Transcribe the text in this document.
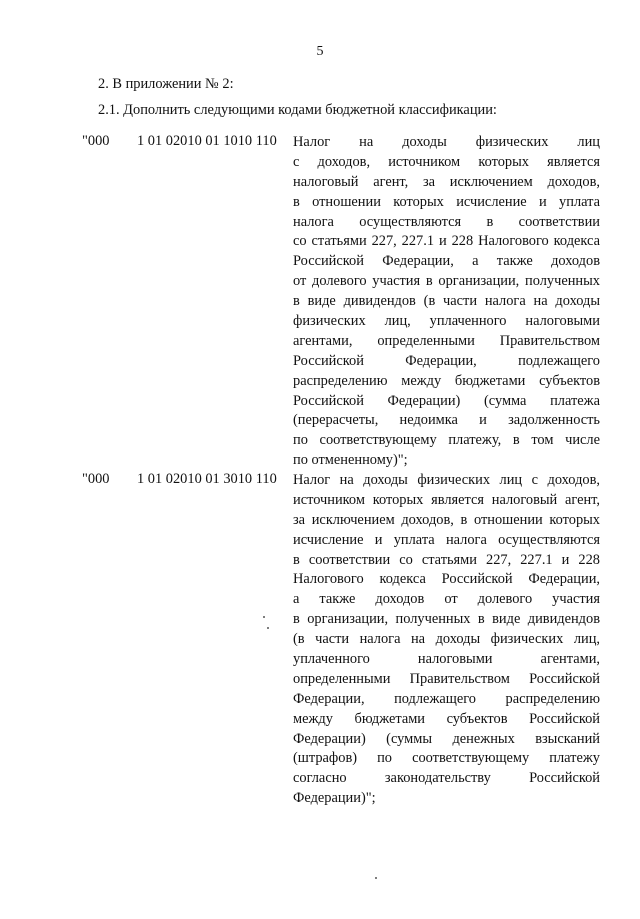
5
2. В приложении № 2:
2.1. Дополнить следующими кодами бюджетной классификации:
"000 1 01 02010 01 1010 110 Налог на доходы физических лиц
с доходов, источником которых является
налоговый агент, за исключением доходов,
в отношении которых исчисление и уплата
налога осуществляются в соответствии
со статьями 227, 227.1 и 228 Налогового кодекса
Российской Федерации, а также доходов
от долевого участия в организации, полученных
в виде дивидендов (в части налога на доходы
физических лиц, уплаченного налоговыми
агентами, определенными Правительством
Российской Федерации, подлежащего
распределению между бюджетами субъектов
Российской Федерации) (сумма платежа
(перерасчеты, недоимка и задолженность
по соответствующему платежу, в том числе
по отмененному)";
"000 1 01 02010 01 3010 110 Налог на доходы физических лиц с доходов,
источником которых является налоговый агент,
за исключением доходов, в отношении которых
исчисление и уплата налога осуществляются
в соответствии со статьями 227, 227.1 и 228
Налогового кодекса Российской Федерации,
а также доходов от долевого участия
в организации, полученных в виде дивидендов
(в части налога на доходы физических лиц,
уплаченного налоговыми агентами,
определенными Правительством Российской
Федерации, подлежащего распределению
между бюджетами субъектов Российской
Федерации) (суммы денежных взысканий
(штрафов) по соответствующему платежу
согласно законодательству Российской
Федерации)";
